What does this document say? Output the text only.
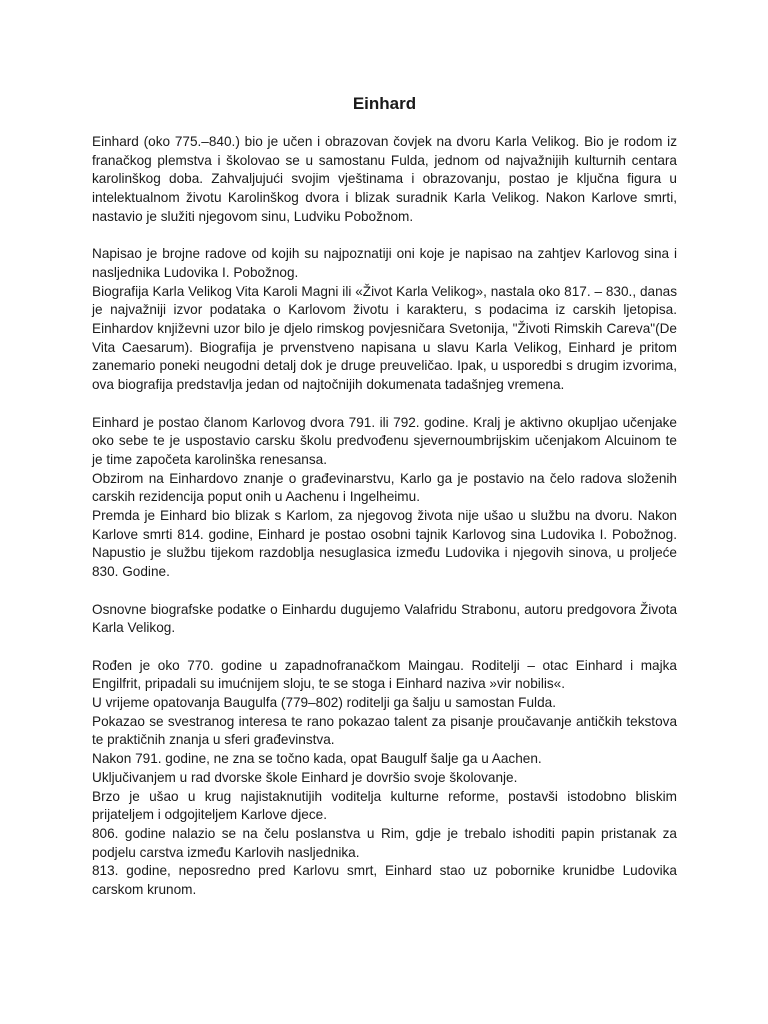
Einhard

Einhard (oko 775.–840.) bio je učen i obrazovan čovjek na dvoru Karla Velikog. Bio je rodom iz franačkog plemstva i školovao se u samostanu Fulda, jednom od najvažnijih kulturnih centara karolinškog doba. Zahvaljujući svojim vještinama i obrazovanju, postao je ključna figura u intelektualnom životu Karolinškog dvora i blizak suradnik Karla Velikog. Nakon Karlove smrti, nastavio je služiti njegovom sinu, Ludviku Pobožnom.

Napisao je brojne radove od kojih su najpoznatiji oni koje je napisao na zahtjev Karlovog sina i nasljednika Ludovika I. Pobožnog.

Biografija Karla Velikog Vita Karoli Magni ili «Život Karla Velikog», nastala oko 817. – 830., danas je najvažniji izvor podataka o Karlovom životu i karakteru, s podacima iz carskih ljetopisa. Einhardov književni uzor bilo je djelo rimskog povjesničara Svetonija, "Životi Rimskih Careva"(De Vita Caesarum). Biografija je prvenstveno napisana u slavu Karla Velikog, Einhard je pritom zanemario poneki neugodni detalj dok je druge preuveličao. Ipak, u usporedbi s drugim izvorima, ova biografija predstavlja jedan od najtočnijih dokumenata tadašnjeg vremena.

Einhard je postao članom Karlovog dvora 791. ili 792. godine. Kralj je aktivno okupljao učenjake oko sebe te je uspostavio carsku školu predvođenu sjevernoumbrijskim učenjakom Alcuinom te je time započeta karolinška renesansa.

Obzirom na Einhardovo znanje o građevinarstvu, Karlo ga je postavio na čelo radova složenih carskih rezidencija poput onih u Aachenu i Ingelheimu.

Premda je Einhard bio blizak s Karlom, za njegovog života nije ušao u službu na dvoru. Nakon Karlove smrti 814. godine, Einhard je postao osobni tajnik Karlovog sina Ludovika I. Pobožnog. Napustio je službu tijekom razdoblja nesuglasica između Ludovika i njegovih sinova, u proljeće 830. Godine.

Osnovne biografske podatke o Einhardu dugujemo Valafridu Strabonu, autoru predgovora Života Karla Velikog.

Rođen je oko 770. godine u zapadnofranačkom Maingau. Roditelji – otac Einhard i majka Engilfrit, pripadali su imućnijem sloju, te se stoga i Einhard naziva »vir nobilis«.

U vrijeme opatovanja Baugulfa (779–802) roditelji ga šalju u samostan Fulda.

Pokazao se svestranog interesa te rano pokazao talent za pisanje proučavanje antičkih tekstova te praktičnih znanja u sferi građevinstva.

Nakon 791. godine, ne zna se točno kada, opat Baugulf šalje ga u Aachen.

Uključivanjem u rad dvorske škole Einhard je dovršio svoje školovanje.

Brzo je ušao u krug najistaknutijih voditelja kulturne reforme, postavši istodobno bliskim prijateljem i odgojiteljem Karlove djece.

806. godine nalazio se na čelu poslanstva u Rim, gdje je trebalo ishoditi papin pristanak za podjelu carstva između Karlovih nasljednika.

813. godine, neposredno pred Karlovu smrt, Einhard stao uz pobornike krunidbe Ludovika carskom krunom.
